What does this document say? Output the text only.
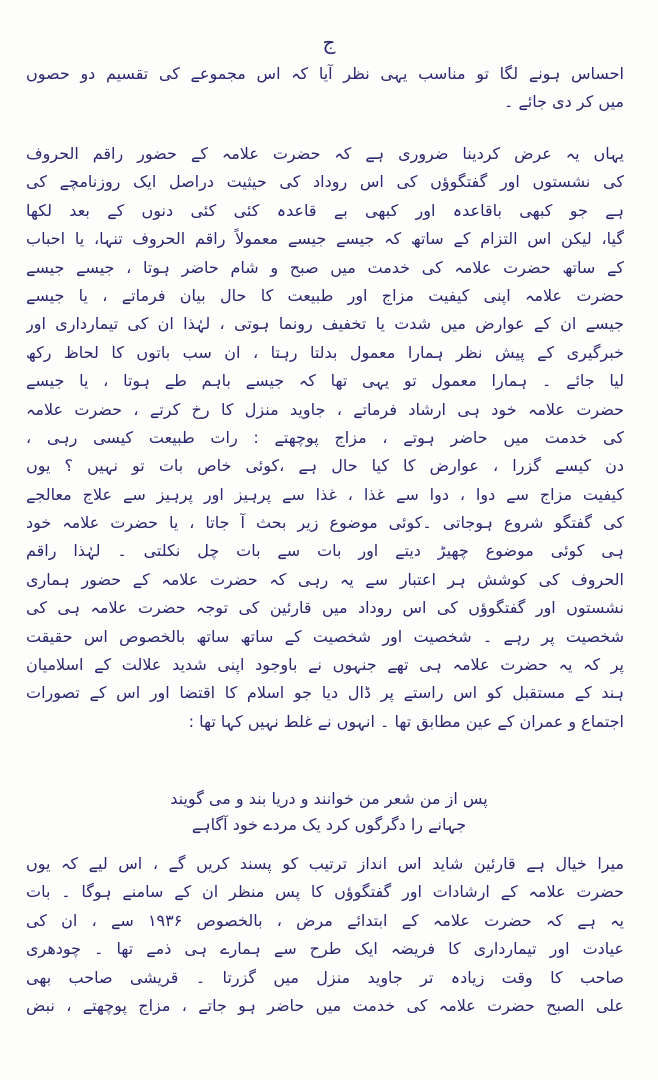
ج
احساس ہونے لگا تو مناسب یہی نظر آیا کہ اس مجموعے کی تقسیم دو حصوں
میں کر دی جائے ۔
یہاں یہ عرض کردینا ضروری ہے کہ حضرت علامہ کے حضور راقم الحروف
کی نشستوں اور گفتگوؤں کی اس روداد کی حیثیت دراصل ایک روزنامچے کی
ہے جو کبھی باقاعدہ اور کبھی بے قاعدہ کئی کئی دنوں کے بعد لکھا
گیا، لیکن اس التزام کے ساتھ کہ جیسے جیسے معمولاً راقم الحروف تنہا، یا احباب
کے ساتھ حضرت علامہ کی خدمت میں صبح و شام حاضر ہوتا ، جیسے جیسے
حضرت علامہ اپنی کیفیت مزاج اور طبیعت کا حال بیان فرماتے ، یا جیسے
جیسے ان کے عوارض میں شدت یا تخفیف رونما ہوتی ، لہٰذا ان کی تیمارداری اور
خبرگیری کے پیش نظر ہمارا معمول بدلتا رہتا ، ان سب باتوں کا لحاظ رکھ
لیا جائے ۔ ہمارا معمول تو یہی تھا کہ جیسے باہم طے ہوتا ، یا جیسے
حضرت علامہ خود ہی ارشاد فرماتے ، جاوید منزل کا رخ کرتے ، حضرت علامہ
کی خدمت میں حاضر ہوتے ، مزاج پوچھتے : رات طبیعت کیسی رہی ،
دن کیسے گزرا ، عوارض کا کیا حال ہے ،کوئی خاص بات تو نہیں ؟ یوں
کیفیت مزاج سے دوا ، دوا سے غذا ، غذا سے پرہیز اور پرہیز سے علاج معالجے
کی گفتگو شروع ہوجاتی ۔کوئی موضوع زیر بحث آ جاتا ، یا حضرت علامہ خود
ہی کوئی موضوع چھیڑ دیتے اور بات سے بات چل نکلتی ۔ لہٰذا راقم
الحروف کی کوشش ہر اعتبار سے یہ رہی کہ حضرت علامہ کے حضور ہماری
نشستوں اور گفتگوؤں کی اس روداد میں قارئین کی توجہ حضرت علامہ ہی کی
شخصیت پر رہے ۔ شخصیت اور شخصیت کے ساتھ ساتھ بالخصوص اس حقیقت
پر کہ یہ حضرت علامہ ہی تھے جنہوں نے باوجود اپنی شدید علالت کے اسلامیان
ہند کے مستقبل کو اس راستے پر ڈال دیا جو اسلام کا اقتضا اور اس کے تصورات
اجتماع و عمران کے عین مطابق تھا ۔ انہوں نے غلط نہیں کہا تھا :
پس از من شعر من خوانند و دریا بند و می گویند
جہانے را دگرگوں کرد یک مردے خود آگاہے
میرا خیال ہے قارئین شاید اس انداز ترتیب کو پسند کریں گے ، اس لیے کہ یوں
حضرت علامہ کے ارشادات اور گفتگوؤں کا پس منظر ان کے سامنے ہوگا ۔ بات
یہ ہے کہ حضرت علامہ کے ابتدائے مرض ، بالخصوص ۱۹۳۶ سے ، ان کی
عیادت اور تیمارداری کا فریضہ ایک طرح سے ہمارے ہی ذمے تھا ۔ چودھری
صاحب کا وقت زیادہ تر جاوید منزل میں گزرتا ۔ قریشی صاحب بھی
علی الصبح حضرت علامہ کی خدمت میں حاضر ہو جاتے ، مزاج پوچھتے ، نبض
